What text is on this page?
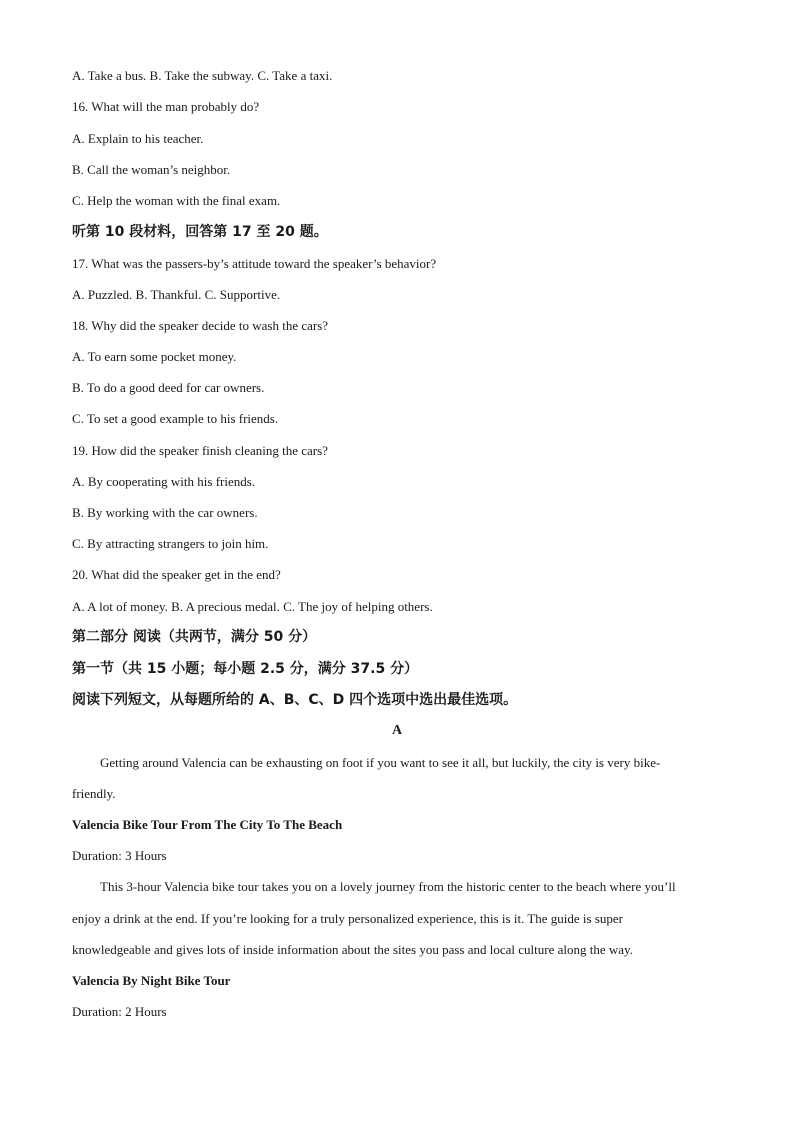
A. Take a bus. B. Take the subway. C. Take a taxi.
16. What will the man probably do?
A. Explain to his teacher.
B. Call the woman’s neighbor.
C. Help the woman with the final exam.
听第 10 段材料，回答第 17 至 20 题。
17. What was the passers-by’s attitude toward the speaker’s behavior?
A. Puzzled. B. Thankful. C. Supportive.
18. Why did the speaker decide to wash the cars?
A. To earn some pocket money.
B. To do a good deed for car owners.
C. To set a good example to his friends.
19. How did the speaker finish cleaning the cars?
A. By cooperating with his friends.
B. By working with the car owners.
C. By attracting strangers to join him.
20. What did the speaker get in the end?
A. A lot of money. B. A precious medal. C. The joy of helping others.
第二部分 阅读（共两节，满分 50 分）
第一节（共 15 小题；每小题 2.5 分，满分 37.5 分）
阅读下列短文，从每题所给的 A、B、C、D 四个选项中选出最佳选项。
A
Getting around Valencia can be exhausting on foot if you want to see it all, but luckily, the city is very bike-
friendly.
Valencia Bike Tour From The City To The Beach
Duration: 3 Hours
This 3-hour Valencia bike tour takes you on a lovely journey from the historic center to the beach where you’ll
enjoy a drink at the end. If you’re looking for a truly personalized experience, this is it. The guide is super
knowledgeable and gives lots of inside information about the sites you pass and local culture along the way.
Valencia By Night Bike Tour
Duration: 2 Hours
